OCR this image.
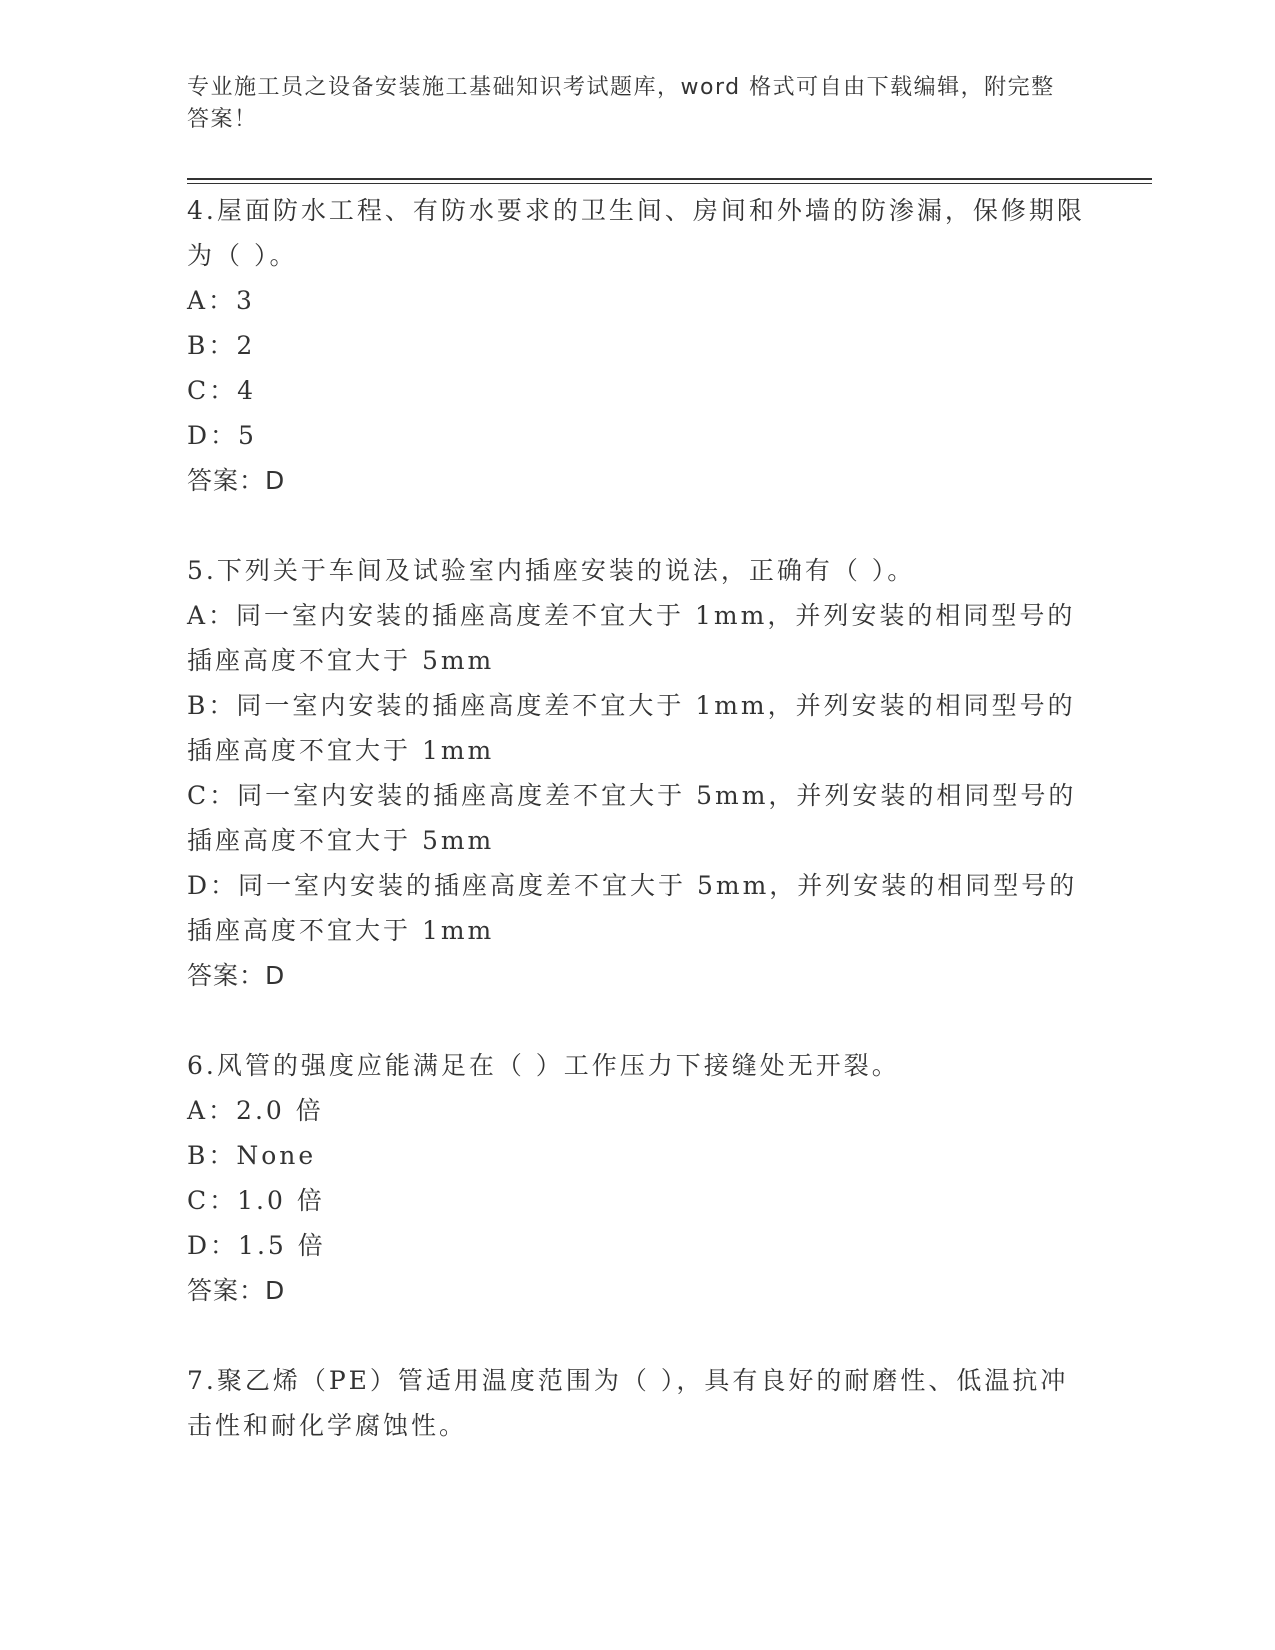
专业施工员之设备安装施工基础知识考试题库，word 格式可自由下载编辑，附完整答案！
4.屋面防水工程、有防水要求的卫生间、房间和外墙的防渗漏，保修期限为（ ）。
A：3
B：2
C：4
D：5
答案：D
5.下列关于车间及试验室内插座安装的说法，正确有（ ）。
A：同一室内安装的插座高度差不宜大于 1mm，并列安装的相同型号的插座高度不宜大于 5mm
B：同一室内安装的插座高度差不宜大于 1mm，并列安装的相同型号的插座高度不宜大于 1mm
C：同一室内安装的插座高度差不宜大于 5mm，并列安装的相同型号的插座高度不宜大于 5mm
D：同一室内安装的插座高度差不宜大于 5mm，并列安装的相同型号的插座高度不宜大于 1mm
答案：D
6.风管的强度应能满足在（ ）工作压力下接缝处无开裂。
A：2.0 倍
B：None
C：1.0 倍
D：1.5 倍
答案：D
7.聚乙烯（PE）管适用温度范围为（ ），具有良好的耐磨性、低温抗冲击性和耐化学腐蚀性。
